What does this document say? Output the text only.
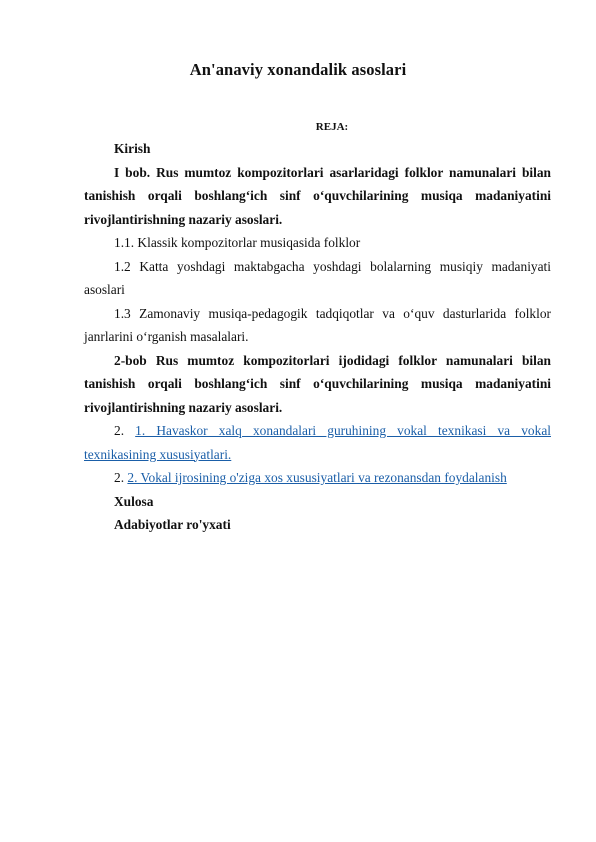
An'anaviy xonandalik asoslari
REJA:

Kirish

I bob. Rus mumtoz kompozitorlari asarlaridagi folklor namunalari bilan tanishish orqali boshlang‘ich sinf o‘quvchilarining musiqa madaniyatini rivojlantirishning nazariy asoslari.

1.1. Klassik kompozitorlar musiqasida folklor

1.2 Katta yoshdagi maktabgacha yoshdagi bolalarning musiqiy madaniyati asoslari

1.3 Zamonaviy musiqa-pedagogik tadqiqotlar va o‘quv dasturlarida folklor janrlarini o‘rganish masalalari.

2-bob Rus mumtoz kompozitorlari ijodidagi folklor namunalari bilan tanishish orqali boshlang‘ich sinf o‘quvchilarining musiqa madaniyatini rivojlantirishning nazariy asoslari.

2. 1. Havaskor xalq xonandalari guruhining vokal texnikasi va vokal texnikasining xususiyatlari.

2. 2. Vokal ijrosining o'ziga xos xususiyatlari va rezonansdan foydalanish

Xulosa

Adabiyotlar ro'yxati
